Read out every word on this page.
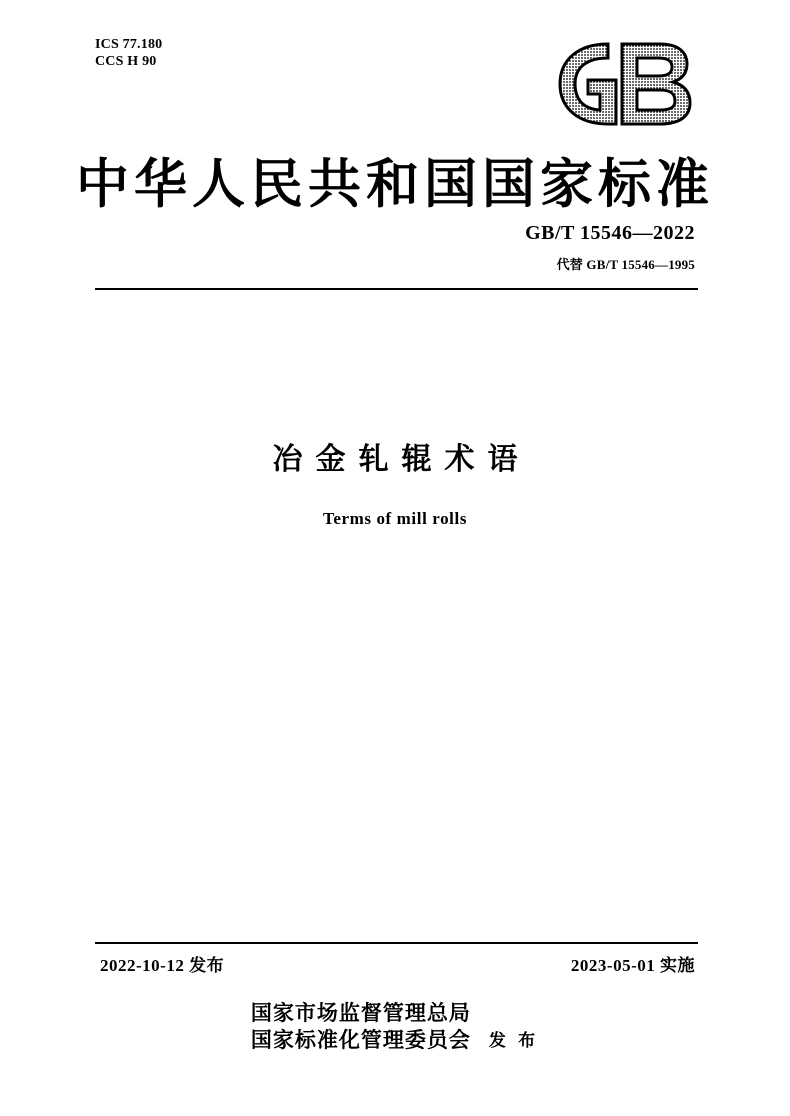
ICS 77.180
CCS H 90
中华人民共和国国家标准
GB/T 15546—2022
代替 GB/T 15546—1995
冶金轧辊术语
Terms of mill rolls
2022-10-12 发布	2023-05-01 实施
国家市场监督管理总局
国家标准化管理委员会 发 布
